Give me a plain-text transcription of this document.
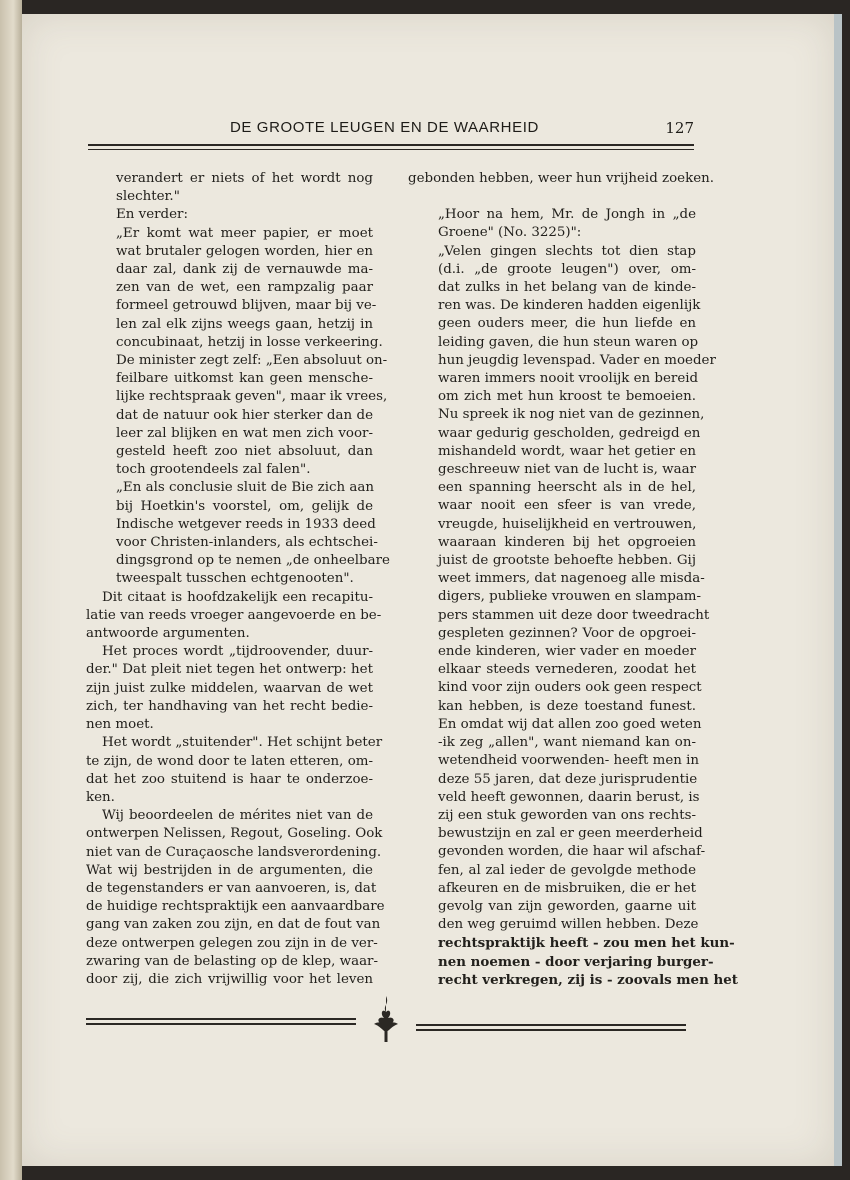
DE GROOTE LEUGEN EN DE WAARHEID	127

verandert er niets of het wordt nog

slechter."

En verder:

„Er komt wat meer papier, er moet

wat brutaler gelogen worden, hier en

daar zal, dank zij de vernauwde ma-

zen van de wet, een rampzalig paar

formeel getrouwd blijven, maar bij ve-

len zal elk zijns weegs gaan, hetzij in

concubinaat, hetzij in losse verkeering.

De minister zegt zelf: „Een absoluut on-

feilbare uitkomst kan geen menschе-

lijke rechtspraak geven", maar ik vrees,

dat de natuur ook hier sterker dan de

leer zal blijken en wat men zich voor-

gesteld heeft zoo niet absoluut, dan

toch grootendeels zal falen".

„En als conclusie sluit de Bie zich aan

bij Hoetkin's voorstel, om, gelijk de

Indische wetgever reeds in 1933 deed

voor Christen-inlanders, als echtschei-

dingsgrond op te nemen „de onheelbare

tweespalt tusschen echtgenooten".

Dit citaat is hoofdzakelijk een recapitu-

latie van reeds vroeger aangevoerde en be-

antwoorde argumenten.

Het proces wordt „tijdroovender, duur-

der." Dat pleit niet tegen het ontwerp: het

zijn juist zulke middelen, waarvan de wet

zich, ter handhaving van het recht bedie-

nen moet.

Het wordt „stuitender". Het schijnt beter

te zijn, de wond door te laten etteren, om-

dat het zoo stuitend is haar te onderzoe-

ken.

Wij beoordeelen de mérites niet van de

ontwerpen Nelissen, Regout, Goseling. Ook

niet van de Curaçaosche landsverordening.

Wat wij bestrijden in de argumenten, die

de tegenstanders er van aanvoeren, is, dat

de huidige rechtspraktijk een aanvaardbare

gang van zaken zou zijn, en dat de fout van

deze ontwerpen gelegen zou zijn in de ver-

zwaring van de belasting op de klep, waar-

door zij, die zich vrijwillig voor het leven

gebonden hebben, weer hun vrijheid zoeken.

„Hoor na hem, Mr. de Jongh in „de

Groene" (No. 3225)":

„Velen gingen slechts tot dien stap

(d.i. „de groote leugen") over, om-

dat zulks in het belang van de kinde-

ren was. De kinderen hadden eigenlijk

geen ouders meer, die hun liefde en

leiding gaven, die hun steun waren op

hun jeugdig levenspad. Vader en moeder

waren immers nooit vroolijk en bereid

om zich met hun kroost te bemoeien.

Nu spreek ik nog niet van de gezinnen,

waar gedurig gescholden, gedreigd en

mishandeld wordt, waar het getier en

geschreeuw niet van de lucht is, waar

een spanning heerscht als in de hel,

waar nooit een sfeer is van vrede,

vreugde, huiselijkheid en vertrouwen,

waaraan kinderen bij het opgroeien

juist de grootste behoefte hebben. Gij

weet immers, dat nagenoeg alle misda-

digers, publieke vrouwen en slampam-

pers stammen uit deze door tweedracht

gespleten gezinnen? Voor de opgroei-

ende kinderen, wier vader en moeder

elkaar steeds vernederen, zoodat het

kind voor zijn ouders ook geen respect

kan hebben, is deze toestand funest.

En omdat wij dat allen zoo goed weten

-ik zeg „allen", want niemand kan on-

wetendheid voorwenden- heeft men in

deze 55 jaren, dat deze jurisprudentie

veld heeft gewonnen, daarin berust, is

zij een stuk geworden van ons rechts-

bewustzijn en zal er geen meerderheid

gevonden worden, die haar wil afschaf-

fen, al zal ieder de gevolgde methode

afkeuren en de misbruiken, die er het

gevolg van zijn geworden, gaarne uit

den weg geruimd willen hebben. Deze

rechtspraktijk heeft - zou men het kun-

nen noemen - door verjaring burger-

recht verkregen, zij is - zoovals men het
